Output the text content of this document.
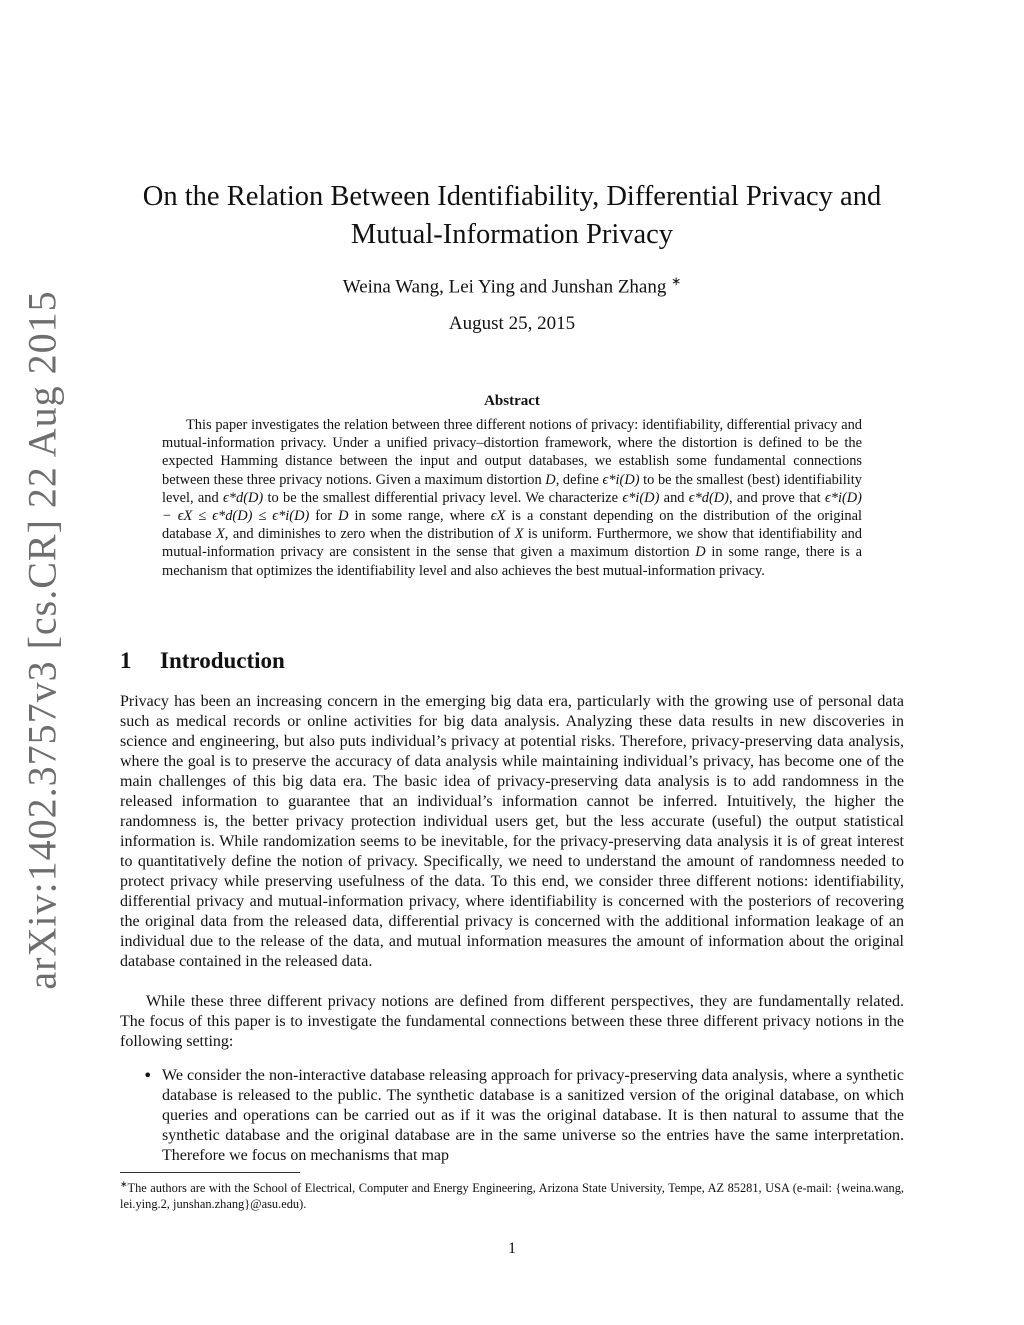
arXiv:1402.3757v3 [cs.CR] 22 Aug 2015
On the Relation Between Identifiability, Differential Privacy and
Mutual-Information Privacy

Weina Wang, Lei Ying and Junshan Zhang ∗

August 25, 2015

Abstract

This paper investigates the relation between three different notions of privacy: identifiability, differential privacy and mutual-information privacy. Under a unified privacy–distortion framework, where the distortion is defined to be the expected Hamming distance between the input and output databases, we establish some fundamental connections between these three privacy notions. Given a maximum distortion D, define ϵ*i(D) to be the smallest (best) identifiability level, and ϵ*d(D) to be the smallest differential privacy level. We characterize ϵ*i(D) and ϵ*d(D), and prove that ϵ*i(D) − ϵX ≤ ϵ*d(D) ≤ ϵ*i(D) for D in some range, where ϵX is a constant depending on the distribution of the original database X, and diminishes to zero when the distribution of X is uniform. Furthermore, we show that identifiability and mutual-information privacy are consistent in the sense that given a maximum distortion D in some range, there is a mechanism that optimizes the identifiability level and also achieves the best mutual-information privacy.

1 Introduction

Privacy has been an increasing concern in the emerging big data era, particularly with the growing use of personal data such as medical records or online activities for big data analysis. Analyzing these data results in new discoveries in science and engineering, but also puts individual’s privacy at potential risks. Therefore, privacy-preserving data analysis, where the goal is to preserve the accuracy of data analysis while maintaining individual’s privacy, has become one of the main challenges of this big data era. The basic idea of privacy-preserving data analysis is to add randomness in the released information to guarantee that an individual’s information cannot be inferred. Intuitively, the higher the randomness is, the better privacy protection individual users get, but the less accurate (useful) the output statistical information is. While randomization seems to be inevitable, for the privacy-preserving data analysis it is of great interest to quantitatively define the notion of privacy. Specifically, we need to understand the amount of randomness needed to protect privacy while preserving usefulness of the data. To this end, we consider three different notions: identifiability, differential privacy and mutual-information privacy, where identifiability is concerned with the posteriors of recovering the original data from the released data, differential privacy is concerned with the additional information leakage of an individual due to the release of the data, and mutual information measures the amount of information about the original database contained in the released data.

While these three different privacy notions are defined from different perspectives, they are fundamentally related. The focus of this paper is to investigate the fundamental connections between these three different privacy notions in the following setting:

• We consider the non-interactive database releasing approach for privacy-preserving data analysis, where a synthetic database is released to the public. The synthetic database is a sanitized version of the original database, on which queries and operations can be carried out as if it was the original database. It is then natural to assume that the synthetic database and the original database are in the same universe so the entries have the same interpretation. Therefore we focus on mechanisms that map

∗The authors are with the School of Electrical, Computer and Energy Engineering, Arizona State University, Tempe, AZ 85281, USA (e-mail: {weina.wang, lei.ying.2, junshan.zhang}@asu.edu).

1
